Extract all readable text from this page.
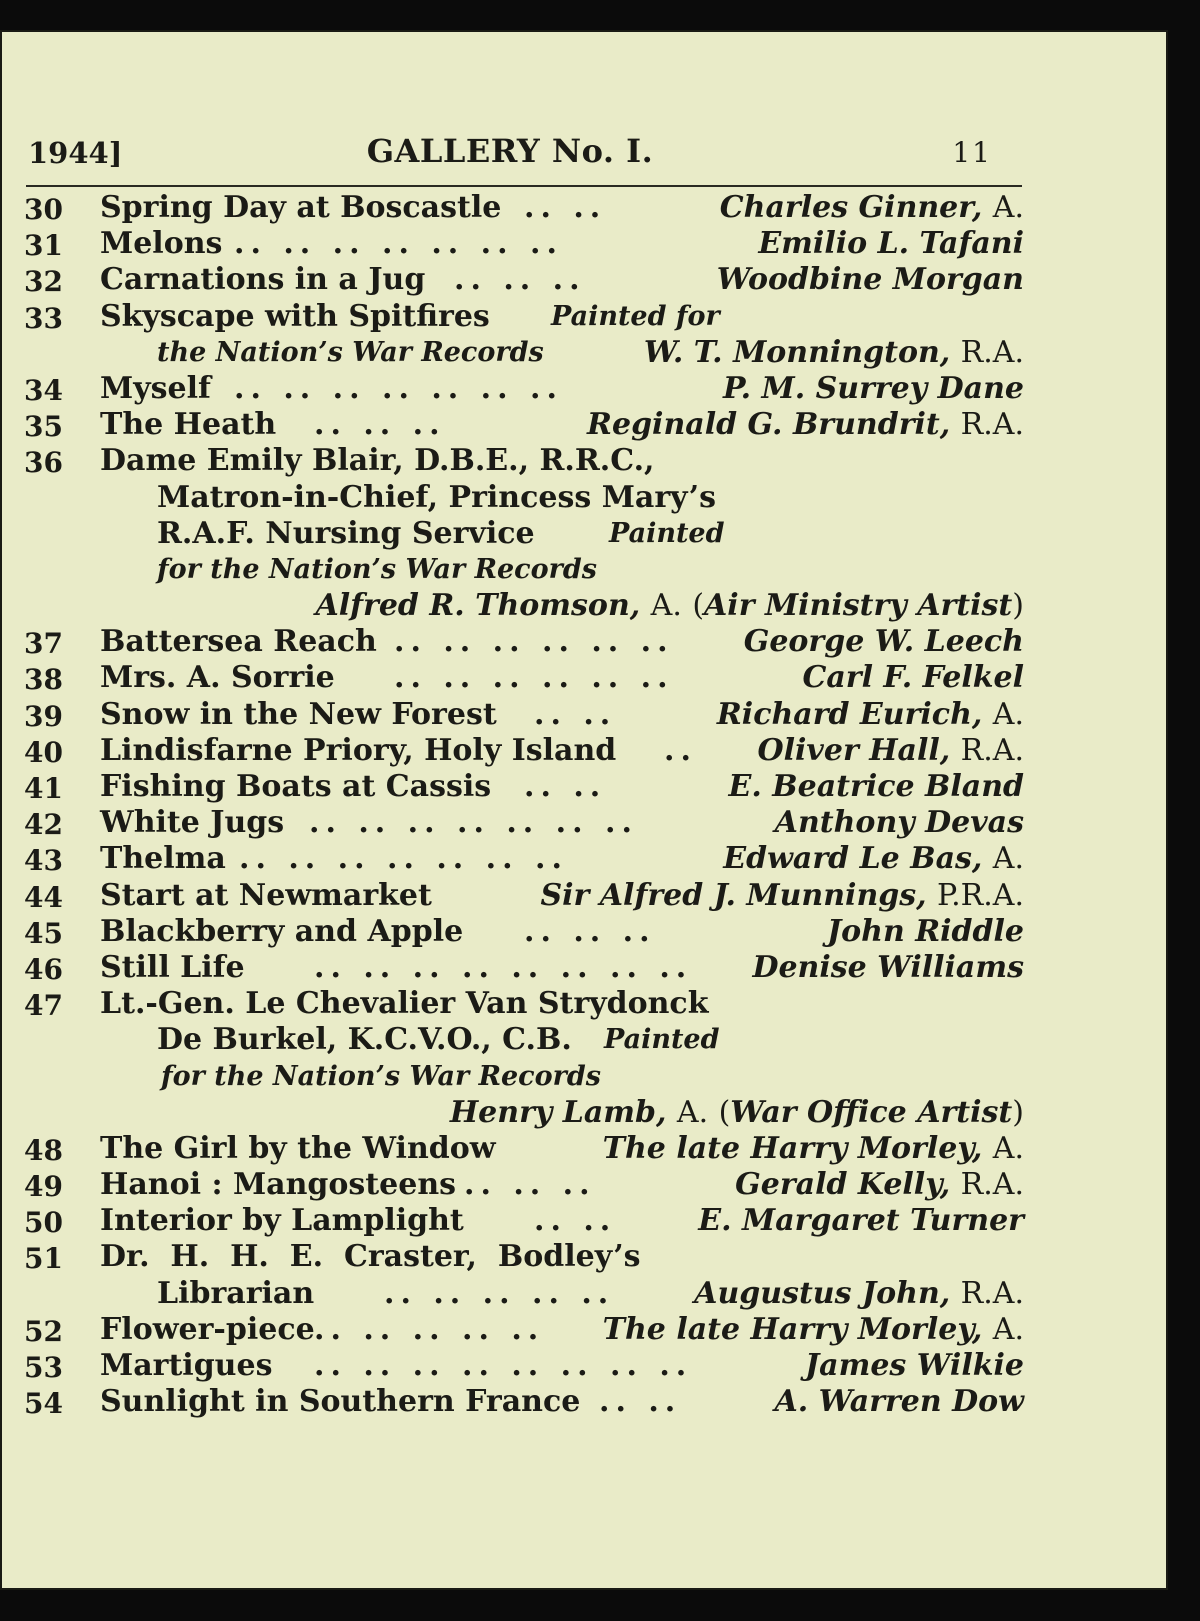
1944]	GALLERY No. I.	11
30	Spring Day at Boscastle .. ..	Charles Ginner, A.
31	Melons .. .. .. .. .. .. ..	Emilio L. Tafani
32	Carnations in a Jug .. .. ..	Woodbine Morgan
33	Skyscape with Spitfires Painted for
the Nation’s War Records	W. T. Monnington, R.A.
34	Myself .. .. .. .. .. .. ..	P. M. Surrey Dane
35	The Heath .. .. ..	Reginald G. Brundrit, R.A.
36	Dame Emily Blair, D.B.E., R.R.C.,
Matron-in-Chief, Princess Mary’s
R.A.F. Nursing Service	Painted
for the Nation’s War Records
Alfred R. Thomson, A. (Air Ministry Artist)
37	Battersea Reach .. .. .. .. .. .. George W. Leech
38	Mrs. A. Sorrie .. .. .. .. .. ..	Carl F. Felkel
39	Snow in the New Forest .. ..	Richard Eurich, A.
40	Lindisfarne Priory, Holy Island .. Oliver Hall, R.A.
41	Fishing Boats at Cassis .. ..	E. Beatrice Bland
42	White Jugs .. .. .. .. .. .. ..	Anthony Devas
43	Thelma .. .. .. .. .. .. ..	Edward Le Bas, A.
44	Start at Newmarket	Sir Alfred J. Munnings, P.R.A.
45	Blackberry and Apple .. .. ..	John Riddle
46	Still Life .. .. .. .. .. .. .. .. Denise Williams
47	Lt.-Gen. Le Chevalier Van Strydonck
De Burkel, K.C.V.O., C.B. Painted
for the Nation’s War Records
Henry Lamb, A. (War Office Artist)
48	The Girl by the Window	The late Harry Morley, A.
49	Hanoi : Mangosteens .. .. ..	Gerald Kelly, R.A.
50	Interior by Lamplight .. ..	E. Margaret Turner
51	Dr.  H.  H.  E.  Craster,  Bodley’s
Librarian .. .. .. .. ..	Augustus John, R.A.
52	Flower-piece .. .. .. .. .. The late Harry Morley, A.
53	Martigues .. .. .. .. .. .. .. ..	James Wilkie
54	Sunlight in Southern France .. ..	A. Warren Dow
